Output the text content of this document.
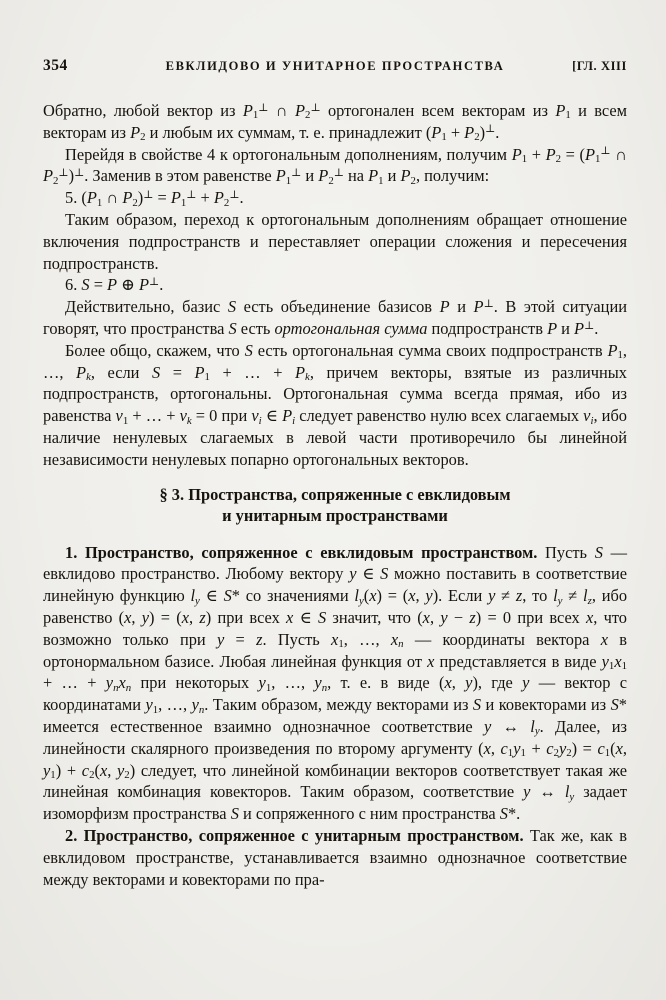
354	ЕВКЛИДОВО И УНИТАРНОЕ ПРОСТРАНСТВА	[ГЛ. XIII

Обратно, любой вектор из $P_1^\perp$ ∩ $P_2^\perp$ ортогонален всем векторам из $P_1$ и всем векторам из $P_2$ и любым их суммам, т. е. принадлежит $(P_1 + P_2)^\perp$.

Перейдя в свойстве 4 к ортогональным дополнениям, получим $P_1 + P_2 = (P_1^\perp$ ∩ $P_2^\perp)^\perp$. Заменив в этом равенстве $P_1^\perp$ и $P_2^\perp$ на $P_1$ и $P_2$, получим:

5. ($P_1$ ∩ $P_2)^\perp = P_1^\perp + P_2^\perp$.

Таким образом, переход к ортогональным дополнениям обращает отношение включения подпространств и переставляет операции сложения и пересечения подпространств.

6. S = P ⊕ P⊥.

Действительно, базис S есть объединение базисов P и P⊥. В этой ситуации говорят, что пространства S есть ортогональная сумма подпространств P и P⊥.

Более общо, скажем, что S есть ортогональная сумма своих подпространств $P_1$, …, $P_k$, если $S = P_1$ + … + $P_k$, причем векторы, взятые из различных подпространств, ортогональны. Ортогональная сумма всегда прямая, ибо из равенства $v_1$ + … + $v_k = 0$ при $v_i$ ∈ $P_i$ следует равенство нулю всех слагаемых $v_i$, ибо наличие ненулевых слагаемых в левой части противоречило бы линейной независимости ненулевых попарно ортогональных векторов.

§ 3. Пространства, сопряженные с евклидовым
и унитарным пространствами

1. Пространство, сопряженное с евклидовым пространством. Пусть S — евклидово пространство. Любому вектору y ∈ S можно поставить в соответствие линейную функцию $l_y$ ∈ S* со значениями $l_y(x) = (x$, y). Если y ≠ z, то $l_y \ne l_z$, ибо равенство (x, y) = (x, z) при всех x ∈ S значит, что (x, y − z) = 0 при всех x, что возможно только при y = z. Пусть $x_1$, …, $x_n$ — координаты вектора x в ортонормальном базисе. Любая линейная функция от x представляется в виде $y_1x_1$ + … + $y_nx_n$ при некоторых $y_1$, …, $y_n$, т. е. в виде (x, y), где y — вектор с координатами $y_1$, …, $y_n$. Таким образом, между векторами из S и ковекторами из S* имеется естественное взаимно однозначное соответствие y ↔ $l_y$. Далее, из линейности скалярного произведения по второму аргументу (x, $c_1y_1 + c_2y_2) = c_1(x$, $y_1) + c_2(x$, $y_2$) следует, что линейной комбинации векторов соответствует такая же линейная комбинация ковекторов. Таким образом, соответствие y ↔ $l_y$ задает изоморфизм пространства S и сопряженного с ним пространства S*.

2. Пространство, сопряженное с унитарным пространством. Так же, как в евклидовом пространстве, устанавливается взаимно однозначное соответствие между векторами и ковекторами по пра-
